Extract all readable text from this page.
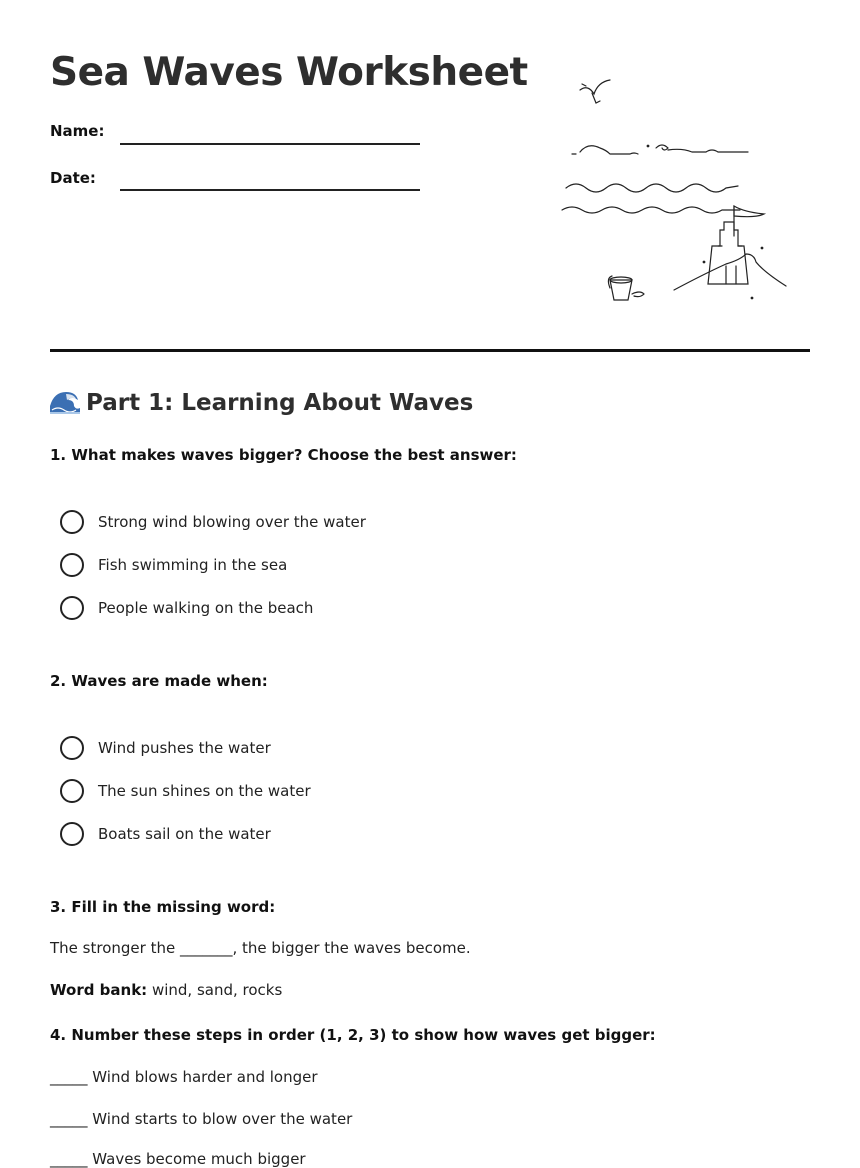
Sea Waves Worksheet
Name:
Date:
Part 1: Learning About Waves
1. What makes waves bigger? Choose the best answer:
Strong wind blowing over the water
Fish swimming in the sea
People walking on the beach
2. Waves are made when:
Wind pushes the water
The sun shines on the water
Boats sail on the water
3. Fill in the missing word:
The stronger the _______, the bigger the waves become.
Word bank: wind, sand, rocks
4. Number these steps in order (1, 2, 3) to show how waves get bigger:
_____ Wind blows harder and longer
_____ Wind starts to blow over the water
_____ Waves become much bigger
